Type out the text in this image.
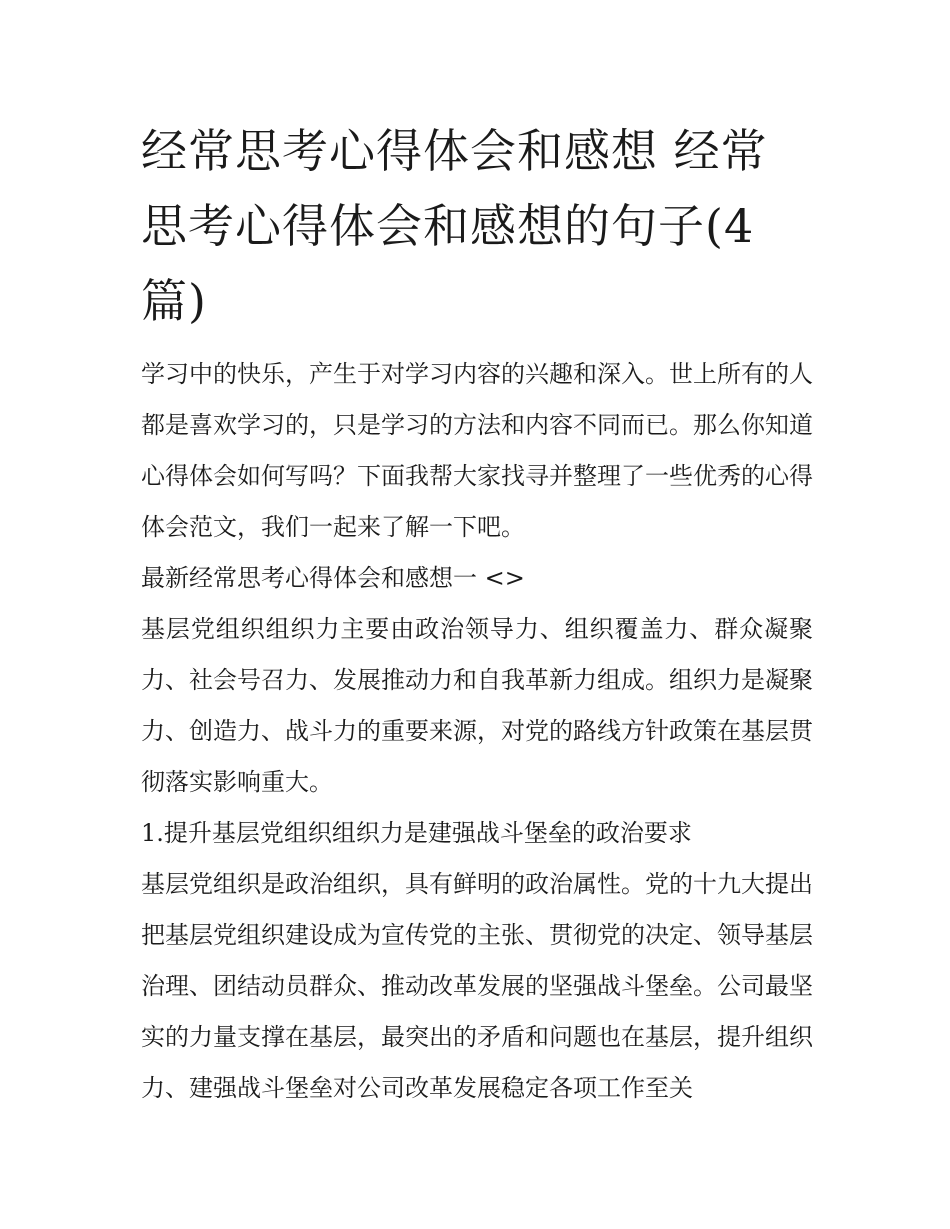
经常思考心得体会和感想 经常思考心得体会和感想的句子(4篇)

学习中的快乐，产生于对学习内容的兴趣和深入。世上所有的人都是喜欢学习的，只是学习的方法和内容不同而已。那么你知道心得体会如何写吗？下面我帮大家找寻并整理了一些优秀的心得体会范文，我们一起来了解一下吧。

最新经常思考心得体会和感想一 <>

基层党组织组织力主要由政治领导力、组织覆盖力、群众凝聚力、社会号召力、发展推动力和自我革新力组成。组织力是凝聚力、创造力、战斗力的重要来源，对党的路线方针政策在基层贯彻落实影响重大。

1.提升基层党组织组织力是建强战斗堡垒的政治要求

基层党组织是政治组织，具有鲜明的政治属性。党的十九大提出把基层党组织建设成为宣传党的主张、贯彻党的决定、领导基层治理、团结动员群众、推动改革发展的坚强战斗堡垒。公司最坚实的力量支撑在基层，最突出的矛盾和问题也在基层，提升组织力、建强战斗堡垒对公司改革发展稳定各项工作至关
